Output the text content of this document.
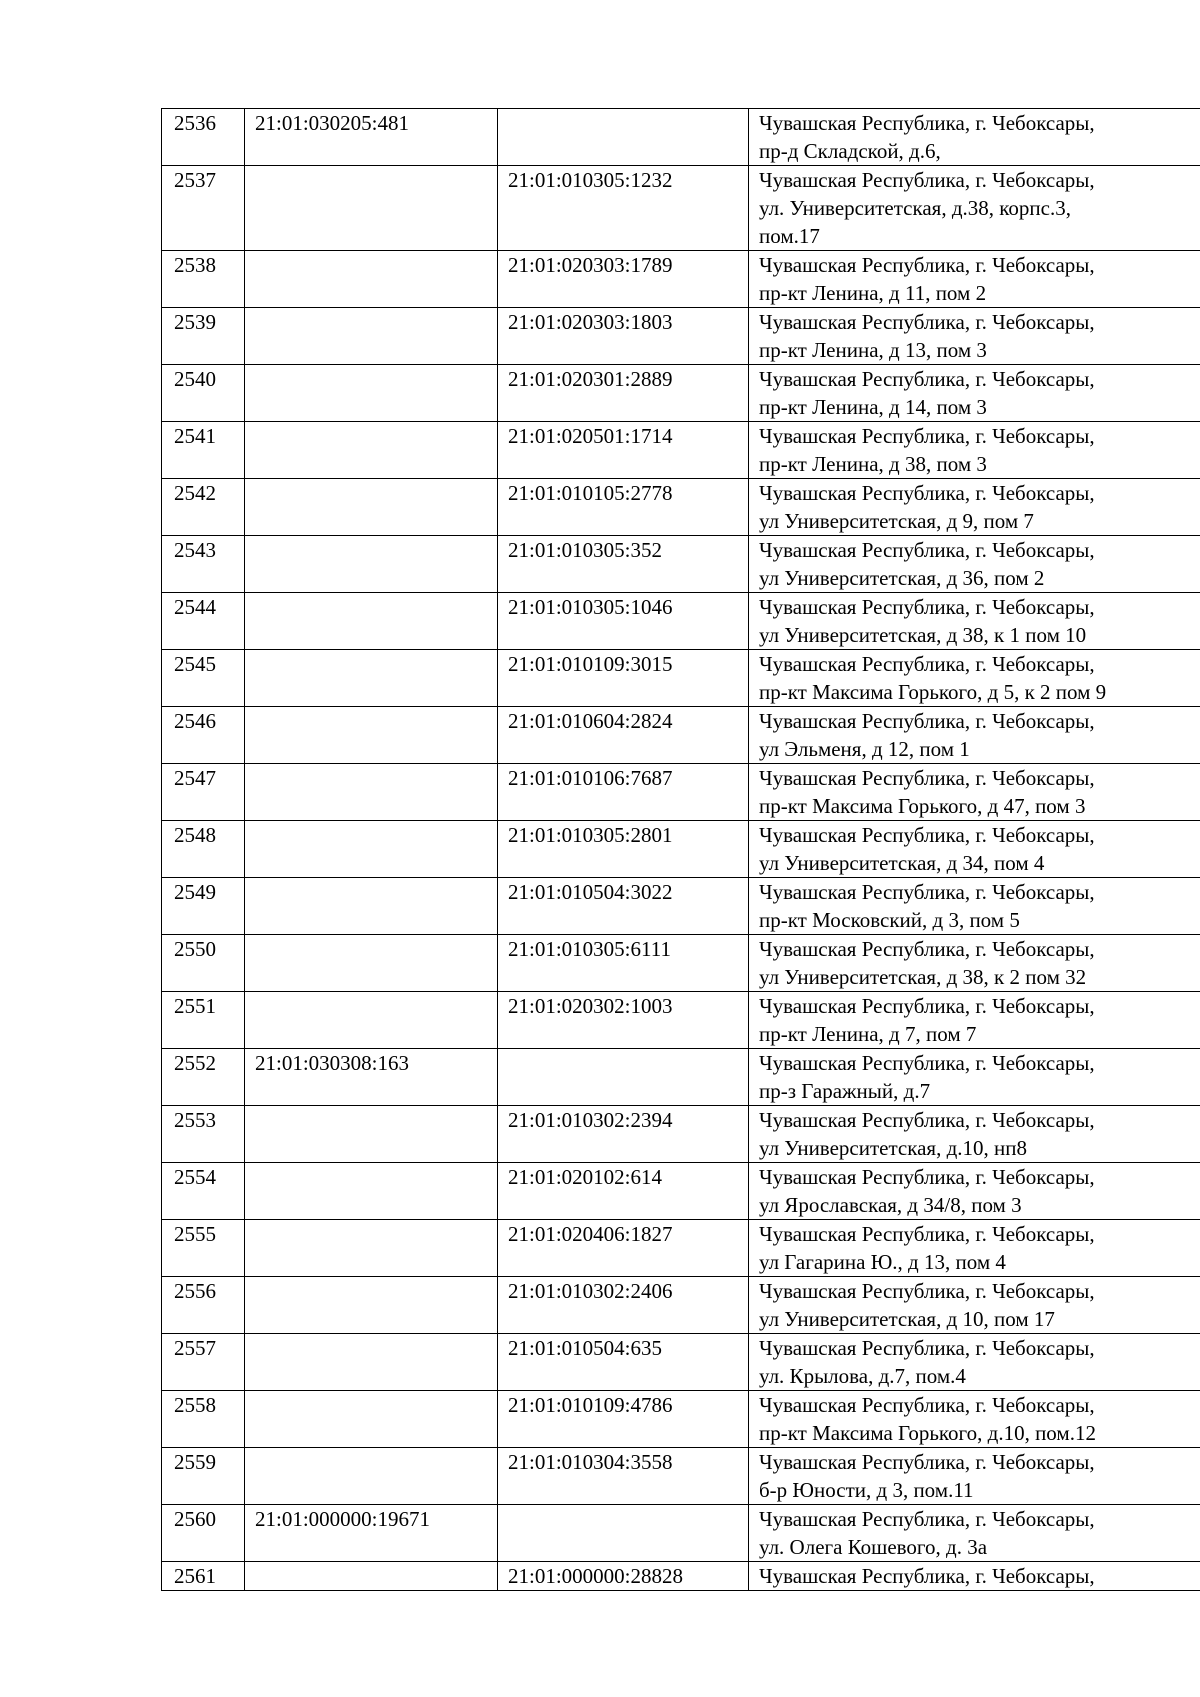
2536	21:01:030205:481		Чувашская Республика, г. Чебоксары,
пр-д Складской, д.6,

2537		21:01:010305:1232	Чувашская Республика, г. Чебоксары,
ул. Университетская, д.38, корпс.3,
пом.17

2538		21:01:020303:1789	Чувашская Республика, г. Чебоксары,
пр-кт Ленина, д 11, пом 2

2539		21:01:020303:1803	Чувашская Республика, г. Чебоксары,
пр-кт Ленина, д 13, пом 3

2540		21:01:020301:2889	Чувашская Республика, г. Чебоксары,
пр-кт Ленина, д 14, пом 3

2541		21:01:020501:1714	Чувашская Республика, г. Чебоксары,
пр-кт Ленина, д 38, пом 3

2542		21:01:010105:2778	Чувашская Республика, г. Чебоксары,
ул Университетская, д 9, пом 7

2543		21:01:010305:352	Чувашская Республика, г. Чебоксары,
ул Университетская, д 36, пом 2

2544		21:01:010305:1046	Чувашская Республика, г. Чебоксары,
ул Университетская, д 38, к 1 пом 10

2545		21:01:010109:3015	Чувашская Республика, г. Чебоксары,
пр-кт Максима Горького, д 5, к 2 пом 9

2546		21:01:010604:2824	Чувашская Республика, г. Чебоксары,
ул Эльменя, д 12, пом 1

2547		21:01:010106:7687	Чувашская Республика, г. Чебоксары,
пр-кт Максима Горького, д 47, пом 3

2548		21:01:010305:2801	Чувашская Республика, г. Чебоксары,
ул Университетская, д 34, пом 4

2549		21:01:010504:3022	Чувашская Республика, г. Чебоксары,
пр-кт Московский, д 3, пом 5

2550		21:01:010305:6111	Чувашская Республика, г. Чебоксары,
ул Университетская, д 38, к 2 пом 32

2551		21:01:020302:1003	Чувашская Республика, г. Чебоксары,
пр-кт Ленина, д 7, пом 7

2552	21:01:030308:163		Чувашская Республика, г. Чебоксары,
пр-з Гаражный, д.7

2553		21:01:010302:2394	Чувашская Республика, г. Чебоксары,
ул Университетская, д.10, нп8

2554		21:01:020102:614	Чувашская Республика, г. Чебоксары,
ул Ярославская, д 34/8, пом 3

2555		21:01:020406:1827	Чувашская Республика, г. Чебоксары,
ул Гагарина Ю., д 13, пом 4

2556		21:01:010302:2406	Чувашская Республика, г. Чебоксары,
ул Университетская, д 10, пом 17

2557		21:01:010504:635	Чувашская Республика, г. Чебоксары,
ул. Крылова, д.7, пом.4

2558		21:01:010109:4786	Чувашская Республика, г. Чебоксары,
пр-кт Максима Горького, д.10, пом.12

2559		21:01:010304:3558	Чувашская Республика, г. Чебоксары,
б-р Юности, д 3, пом.11

2560	21:01:000000:19671		Чувашская Республика, г. Чебоксары,
ул. Олега Кошевого, д. 3а

2561		21:01:000000:28828	Чувашская Республика, г. Чебоксары,
